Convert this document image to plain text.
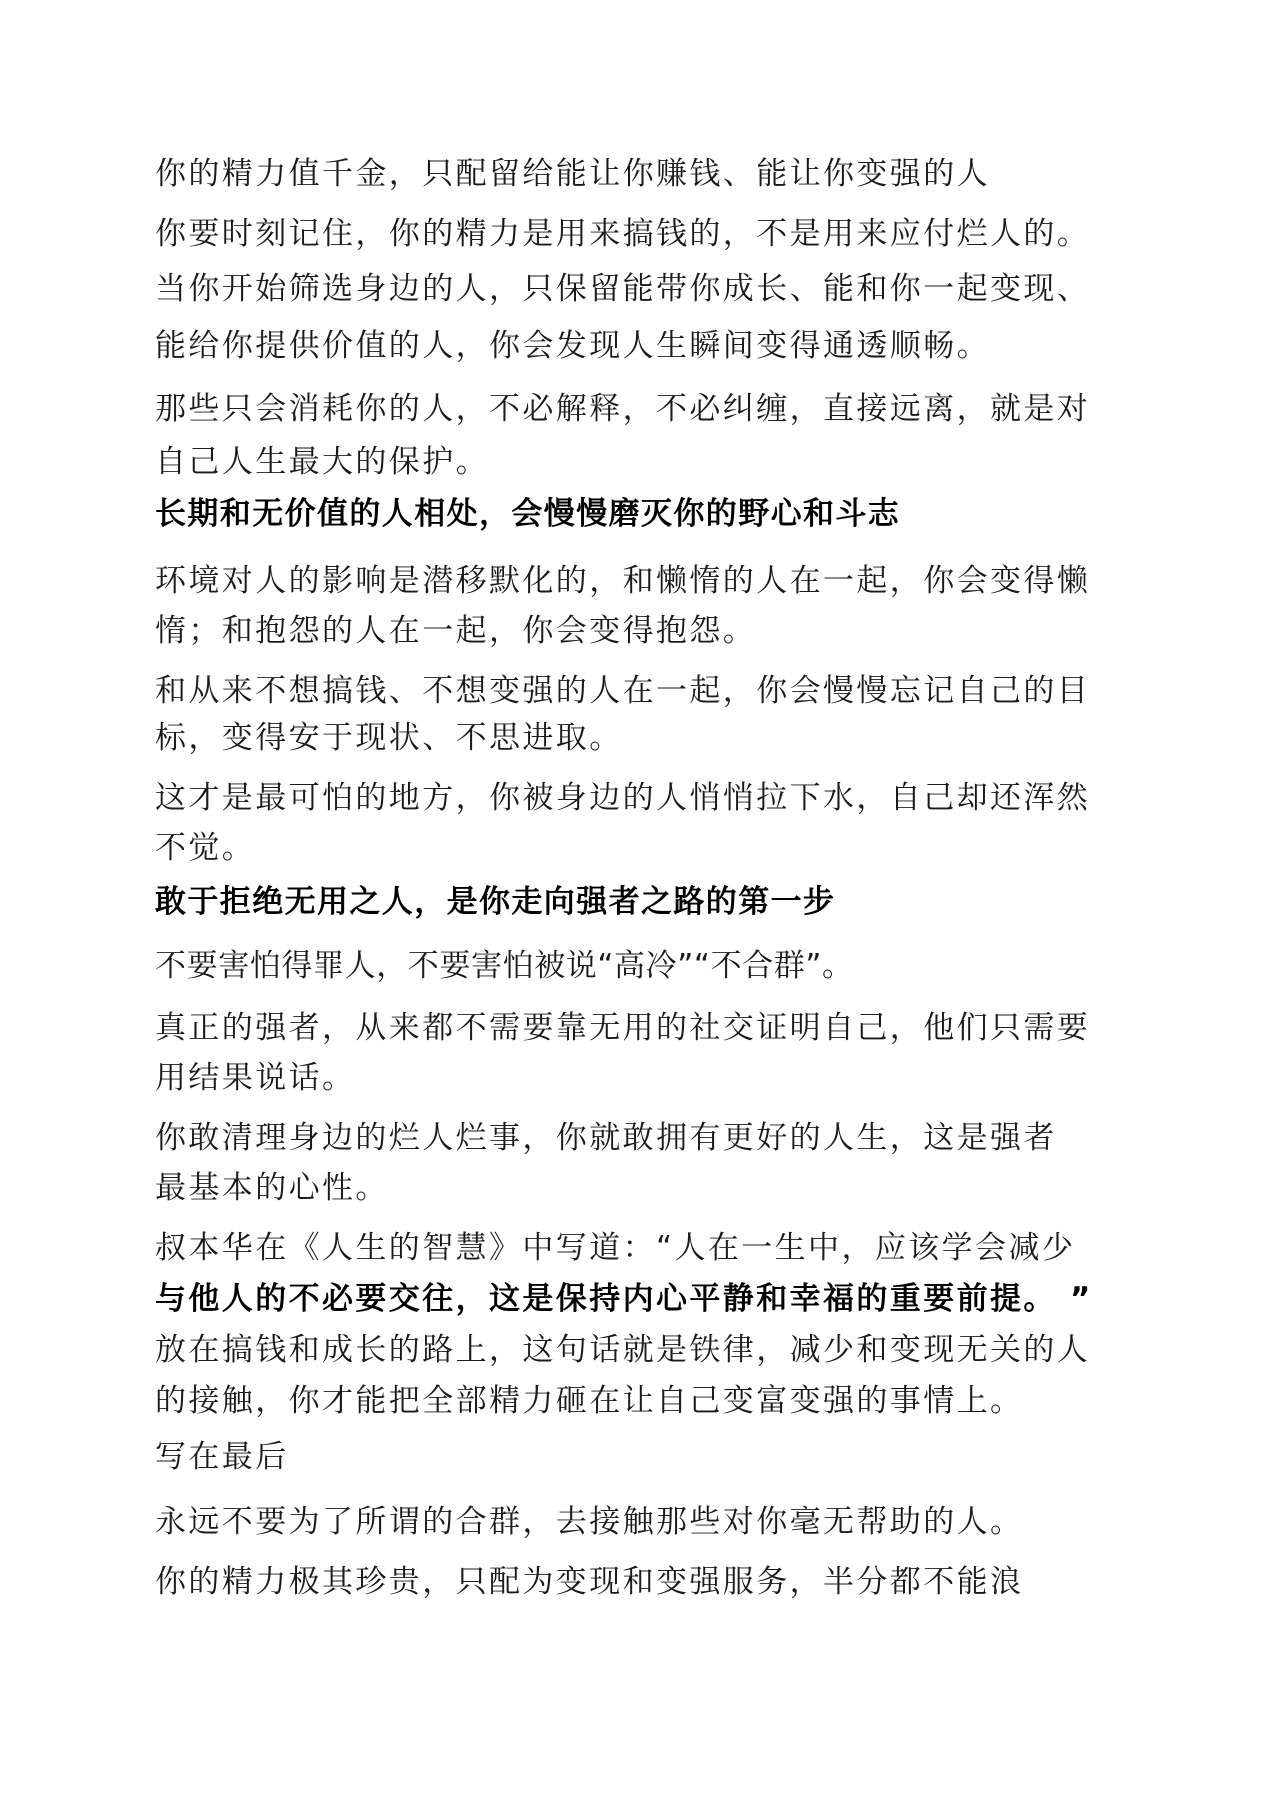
你的精力值千金，只配留给能让你赚钱、能让你变强的人
你要时刻记住，你的精力是用来搞钱的，不是用来应付烂人的。
当你开始筛选身边的人，只保留能带你成长、能和你一起变现、
能给你提供价值的人，你会发现人生瞬间变得通透顺畅。
那些只会消耗你的人，不必解释，不必纠缠，直接远离，就是对
自己人生最大的保护。
长期和无价值的人相处，会慢慢磨灭你的野心和斗志
环境对人的影响是潜移默化的，和懒惰的人在一起，你会变得懒
惰；和抱怨的人在一起，你会变得抱怨。
和从来不想搞钱、不想变强的人在一起，你会慢慢忘记自己的目
标，变得安于现状、不思进取。
这才是最可怕的地方，你被身边的人悄悄拉下水，自己却还浑然
不觉。
敢于拒绝无用之人，是你走向强者之路的第一步
不要害怕得罪人，不要害怕被说“高冷”“不合群”。
真正的强者，从来都不需要靠无用的社交证明自己，他们只需要
用结果说话。
你敢清理身边的烂人烂事，你就敢拥有更好的人生，这是强者
最基本的心性。
叔本华在《人生的智慧》中写道：“人在一生中，应该学会减少
与他人的不必要交往，这是保持内心平静和幸福的重要前提。 ”
放在搞钱和成长的路上，这句话就是铁律，减少和变现无关的人
的接触，你才能把全部精力砸在让自己变富变强的事情上。
写在最后
永远不要为了所谓的合群，去接触那些对你毫无帮助的人。
你的精力极其珍贵，只配为变现和变强服务，半分都不能浪
